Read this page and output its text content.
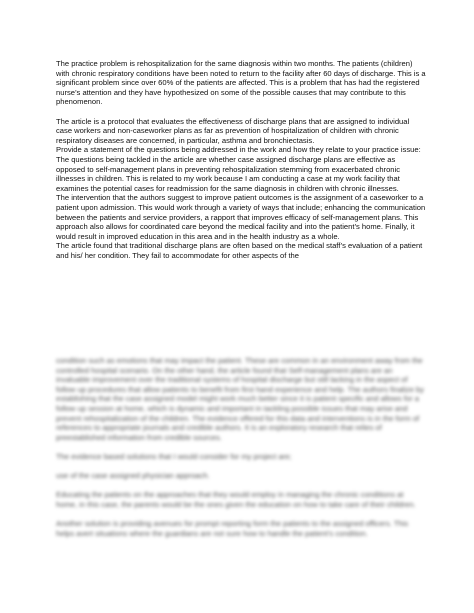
The practice problem is rehospitalization for the same diagnosis within two months. The patients (children) with chronic respiratory conditions have been noted to return to the facility after 60 days of discharge. This is a significant problem since over 60% of the patients are affected. This is a problem that has had the registered nurse’s attention and they have hypothesized on some of the possible causes that may contribute to this phenomenon.

The article is a protocol that evaluates the effectiveness of discharge plans that are assigned to individual case workers and non-caseworker plans as far as prevention of hospitalization of children with chronic respiratory diseases are concerned, in particular, asthma and bronchiectasis.

Provide a statement of the questions being addressed in the work and how they relate to your practice issue:

The questions being tackled in the article are whether case assigned discharge plans are effective as opposed to self-management plans in preventing rehospitalization stemming from exacerbated chronic illnesses in children. This is related to my work because I am conducting a case at my work facility that examines the potential cases for readmission for the same diagnosis in children with chronic illnesses.

The intervention that the authors suggest to improve patient outcomes is the assignment of a caseworker to a patient upon admission. This would work through a variety of ways that include; enhancing the communication between the patients and service providers, a rapport that improves efficacy of self-management plans. This approach also allows for coordinated care beyond the medical facility and into the patient’s home. Finally, it would result in improved education in this area and in the health industry as a whole.

The article found that traditional discharge plans are often based on the medical staff’s evaluation of a patient and his/ her condition. They fail to accommodate for other aspects of the

condition such as emotions that may impact the patient. These are common in an environment away from the controlled hospital scenario. On the other hand, the article found that Self-management plans are an invaluable improvement over the traditional systems of hospital discharge but still lacking in the aspect of follow up procedures that allow patients to benefit from first hand experience and help. The authors finalize by establishing that the case assigned model might work much better since it is patient specific and allows for a follow up session at home, which is dynamic and important in tackling possible issues that may arise and prevent rehospitalization of the children. The evidence offered for this data and interventions is in the form of references to appropriate journals and credible authors. It is an exploratory research that relies of preestablished information from credible sources.

The evidence based solutions that I would consider for my project are;

use of the case assigned physician approach.

Educating the patients on the approaches that they would employ in managing the chronic conditions at home, in this case, the parents would be the ones given the education on how to take care of their children.

Another solution is providing avenues for prompt reporting form the patients to the assigned officers. This helps avert situations where the guardians are not sure how to handle the patient’s condition.
